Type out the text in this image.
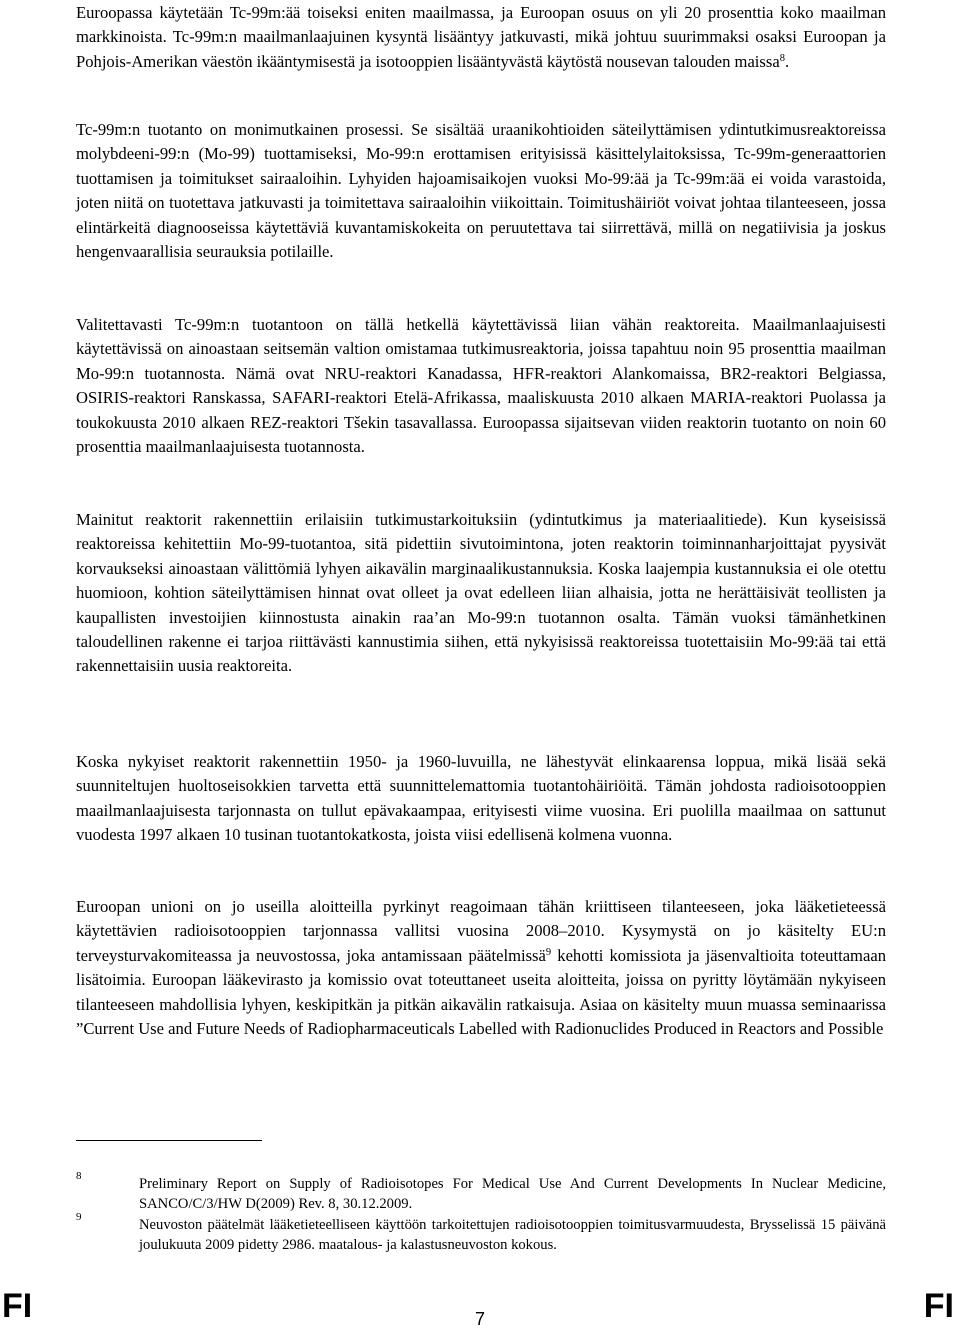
Euroopassa käytetään Tc-99m:ää toiseksi eniten maailmassa, ja Euroopan osuus on yli 20 prosenttia koko maailman markkinoista. Tc-99m:n maailmanlaajuinen kysyntä lisääntyy jatkuvasti, mikä johtuu suurimmaksi osaksi Euroopan ja Pohjois-Amerikan väestön ikääntymisestä ja isotooppien lisääntyvästä käytöstä nousevan talouden maissa$^8$.

Tc-99m:n tuotanto on monimutkainen prosessi. Se sisältää uraanikohtioiden säteilyttämisen ydintutkimusreaktoreissa molybdeeni-99:n (Mo-99) tuottamiseksi, Mo-99:n erottamisen erityisissä käsittelylaitoksissa, Tc-99m-generaattorien tuottamisen ja toimitukset sairaaloihin. Lyhyiden hajoamisaikojen vuoksi Mo-99:ää ja Tc-99m:ää ei voida varastoida, joten niitä on tuotettava jatkuvasti ja toimitettava sairaaloihin viikoittain. Toimitushäiriöt voivat johtaa tilanteeseen, jossa elintärkeitä diagnooseissa käytettäviä kuvantamiskokeita on peruutettava tai siirrettävä, millä on negatiivisia ja joskus hengenvaarallisia seurauksia potilaille.

Valitettavasti Tc-99m:n tuotantoon on tällä hetkellä käytettävissä liian vähän reaktoreita. Maailmanlaajuisesti käytettävissä on ainoastaan seitsemän valtion omistamaa tutkimusreaktoria, joissa tapahtuu noin 95 prosenttia maailman Mo-99:n tuotannosta. Nämä ovat NRU-reaktori Kanadassa, HFR-reaktori Alankomaissa, BR2-reaktori Belgiassa, OSIRIS-reaktori Ranskassa, SAFARI-reaktori Etelä-Afrikassa, maaliskuusta 2010 alkaen MARIA-reaktori Puolassa ja toukokuusta 2010 alkaen REZ-reaktori Tšekin tasavallassa. Euroopassa sijaitsevan viiden reaktorin tuotanto on noin 60 prosenttia maailmanlaajuisesta tuotannosta.

Mainitut reaktorit rakennettiin erilaisiin tutkimustarkoituksiin (ydintutkimus ja materiaalitiede). Kun kyseisissä reaktoreissa kehitettiin Mo-99-tuotantoa, sitä pidettiin sivutoimintona, joten reaktorin toiminnanharjoittajat pyysivät korvaukseksi ainoastaan välittömiä lyhyen aikavälin marginaalikustannuksia. Koska laajempia kustannuksia ei ole otettu huomioon, kohtion säteilyttämisen hinnat ovat olleet ja ovat edelleen liian alhaisia, jotta ne herättäisivät teollisten ja kaupallisten investoijien kiinnostusta ainakin raa’an Mo-99:n tuotannon osalta. Tämän vuoksi tämänhetkinen taloudellinen rakenne ei tarjoa riittävästi kannustimia siihen, että nykyisissä reaktoreissa tuotettaisiin Mo-99:ää tai että rakennettaisiin uusia reaktoreita.

Koska nykyiset reaktorit rakennettiin 1950- ja 1960-luvuilla, ne lähestyvät elinkaarensa loppua, mikä lisää sekä suunniteltujen huoltoseisokkien tarvetta että suunnittelemattomia tuotantohäiriöitä. Tämän johdosta radioisotooppien maailmanlaajuisesta tarjonnasta on tullut epävakaampaa, erityisesti viime vuosina. Eri puolilla maailmaa on sattunut vuodesta 1997 alkaen 10 tusinan tuotantokatkosta, joista viisi edellisenä kolmena vuonna.

Euroopan unioni on jo useilla aloitteilla pyrkinyt reagoimaan tähän kriittiseen tilanteeseen, joka lääketieteessä käytettävien radioisotooppien tarjonnassa vallitsi vuosina 2008–2010. Kysymystä on jo käsitelty EU:n terveysturvakomiteassa ja neuvostossa, joka antamissaan päätelmissä$^9$ kehotti komissiota ja jäsenvaltioita toteuttamaan lisätoimia. Euroopan lääkevirasto ja komissio ovat toteuttaneet useita aloitteita, joissa on pyritty löytämään nykyiseen tilanteeseen mahdollisia lyhyen, keskipitkän ja pitkän aikavälin ratkaisuja. Asiaa on käsitelty muun muassa seminaarissa ”Current Use and Future Needs of Radiopharmaceuticals Labelled with Radionuclides Produced in Reactors and Possible

8	Preliminary Report on Supply of Radioisotopes For Medical Use And Current Developments In Nuclear Medicine, SANCO/C/3/HW D(2009) Rev. 8, 30.12.2009.
9	Neuvoston päätelmät lääketieteelliseen käyttöön tarkoitettujen radioisotooppien toimitusvarmuudesta, Brysselissä 15 päivänä joulukuuta 2009 pidetty 2986. maatalous- ja kalastusneuvoston kokous.
FI	7	FI
